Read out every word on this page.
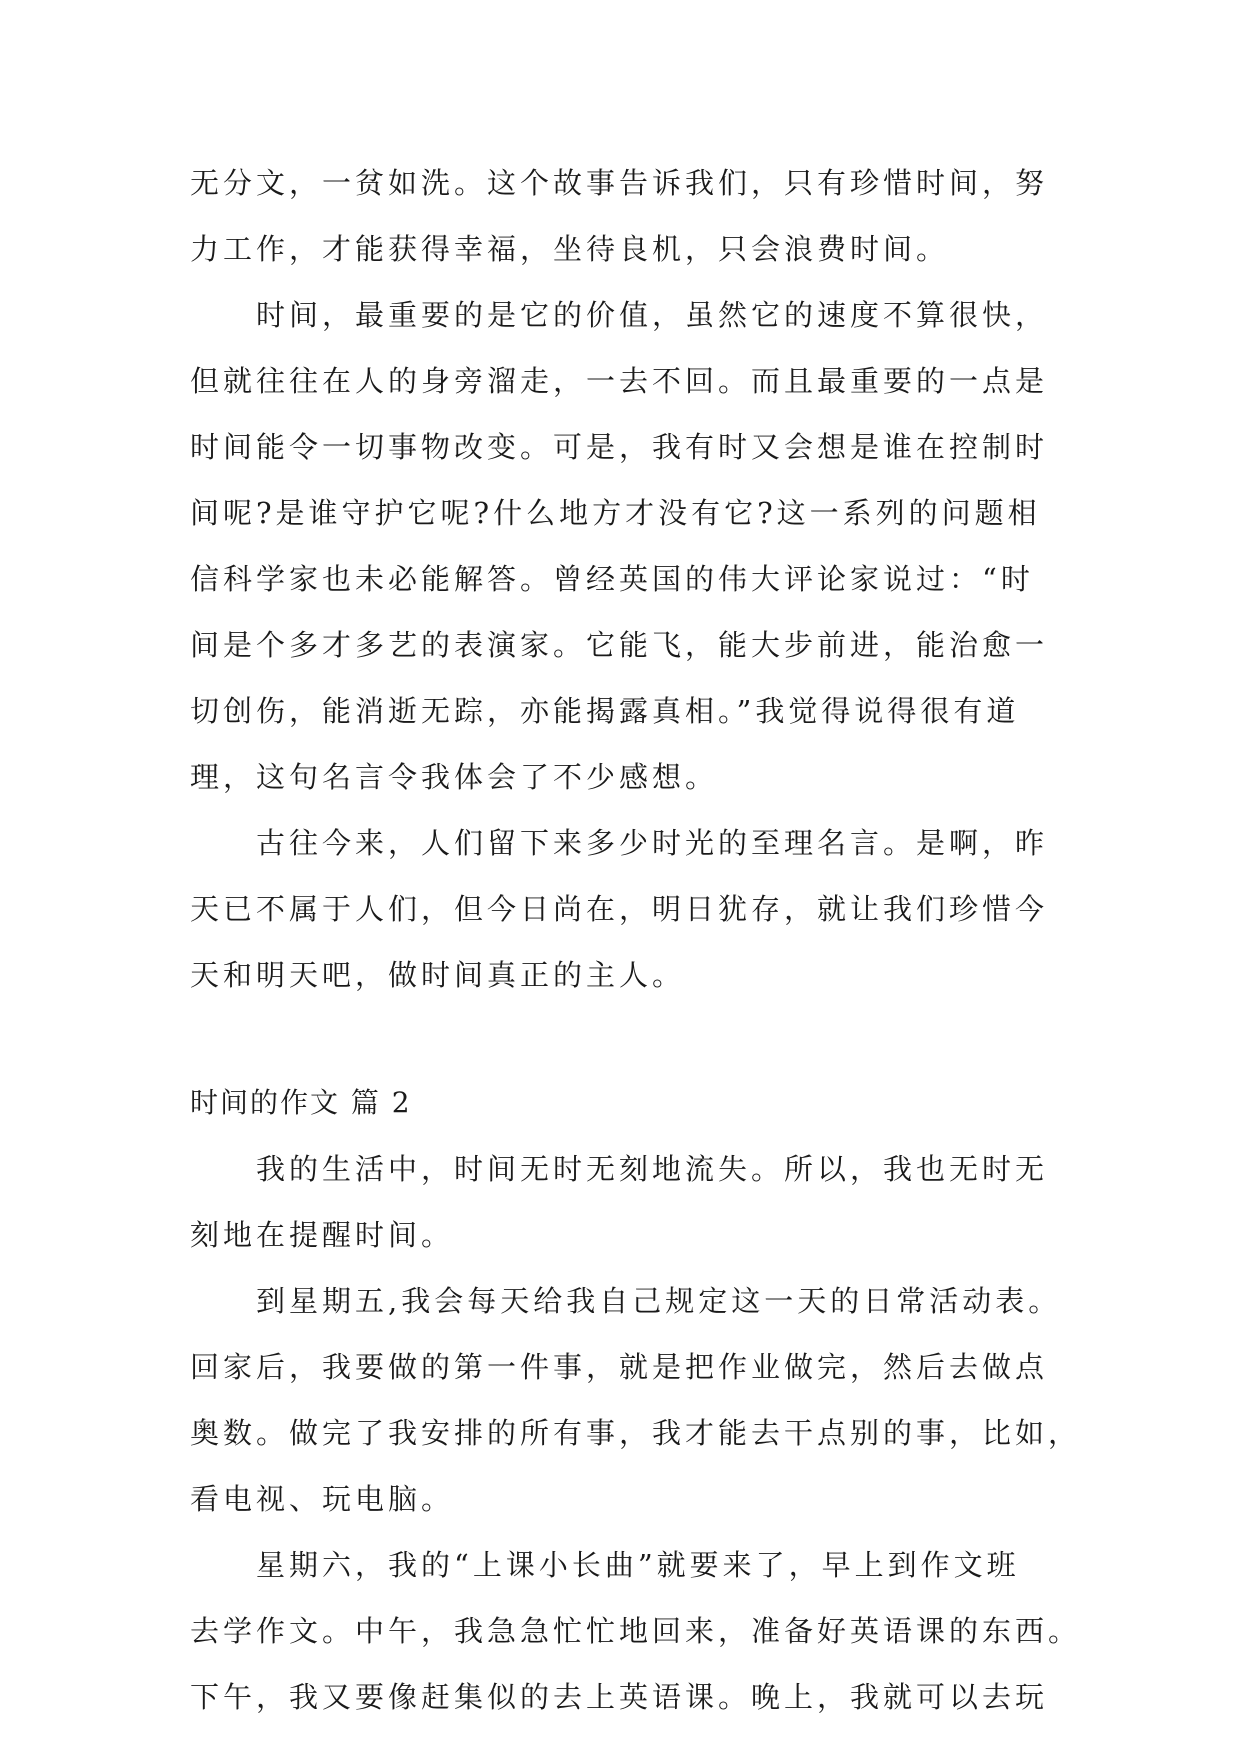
无分文，一贫如洗。这个故事告诉我们，只有珍惜时间，努
力工作，才能获得幸福，坐待良机，只会浪费时间。
时间，最重要的是它的价值，虽然它的速度不算很快，
但就往往在人的身旁溜走，一去不回。而且最重要的一点是
时间能令一切事物改变。可是，我有时又会想是谁在控制时
间呢?是谁守护它呢?什么地方才没有它?这一系列的问题相
信科学家也未必能解答。曾经英国的伟大评论家说过：“时
间是个多才多艺的表演家。它能飞，能大步前进，能治愈一
切创伤，能消逝无踪，亦能揭露真相。”我觉得说得很有道
理，这句名言令我体会了不少感想。
古往今来，人们留下来多少时光的至理名言。是啊，昨
天已不属于人们，但今日尚在，明日犹存，就让我们珍惜今
天和明天吧，做时间真正的主人。
时间的作文 篇 2
我的生活中，时间无时无刻地流失。所以，我也无时无
刻地在提醒时间。
到星期五,我会每天给我自己规定这一天的日常活动表。
回家后，我要做的第一件事，就是把作业做完，然后去做点
奥数。做完了我安排的所有事，我才能去干点别的事，比如，
看电视、玩电脑。
星期六，我的“上课小长曲”就要来了，早上到作文班
去学作文。中午，我急急忙忙地回来，准备好英语课的东西。
下午，我又要像赶集似的去上英语课。晚上，我就可以去玩
